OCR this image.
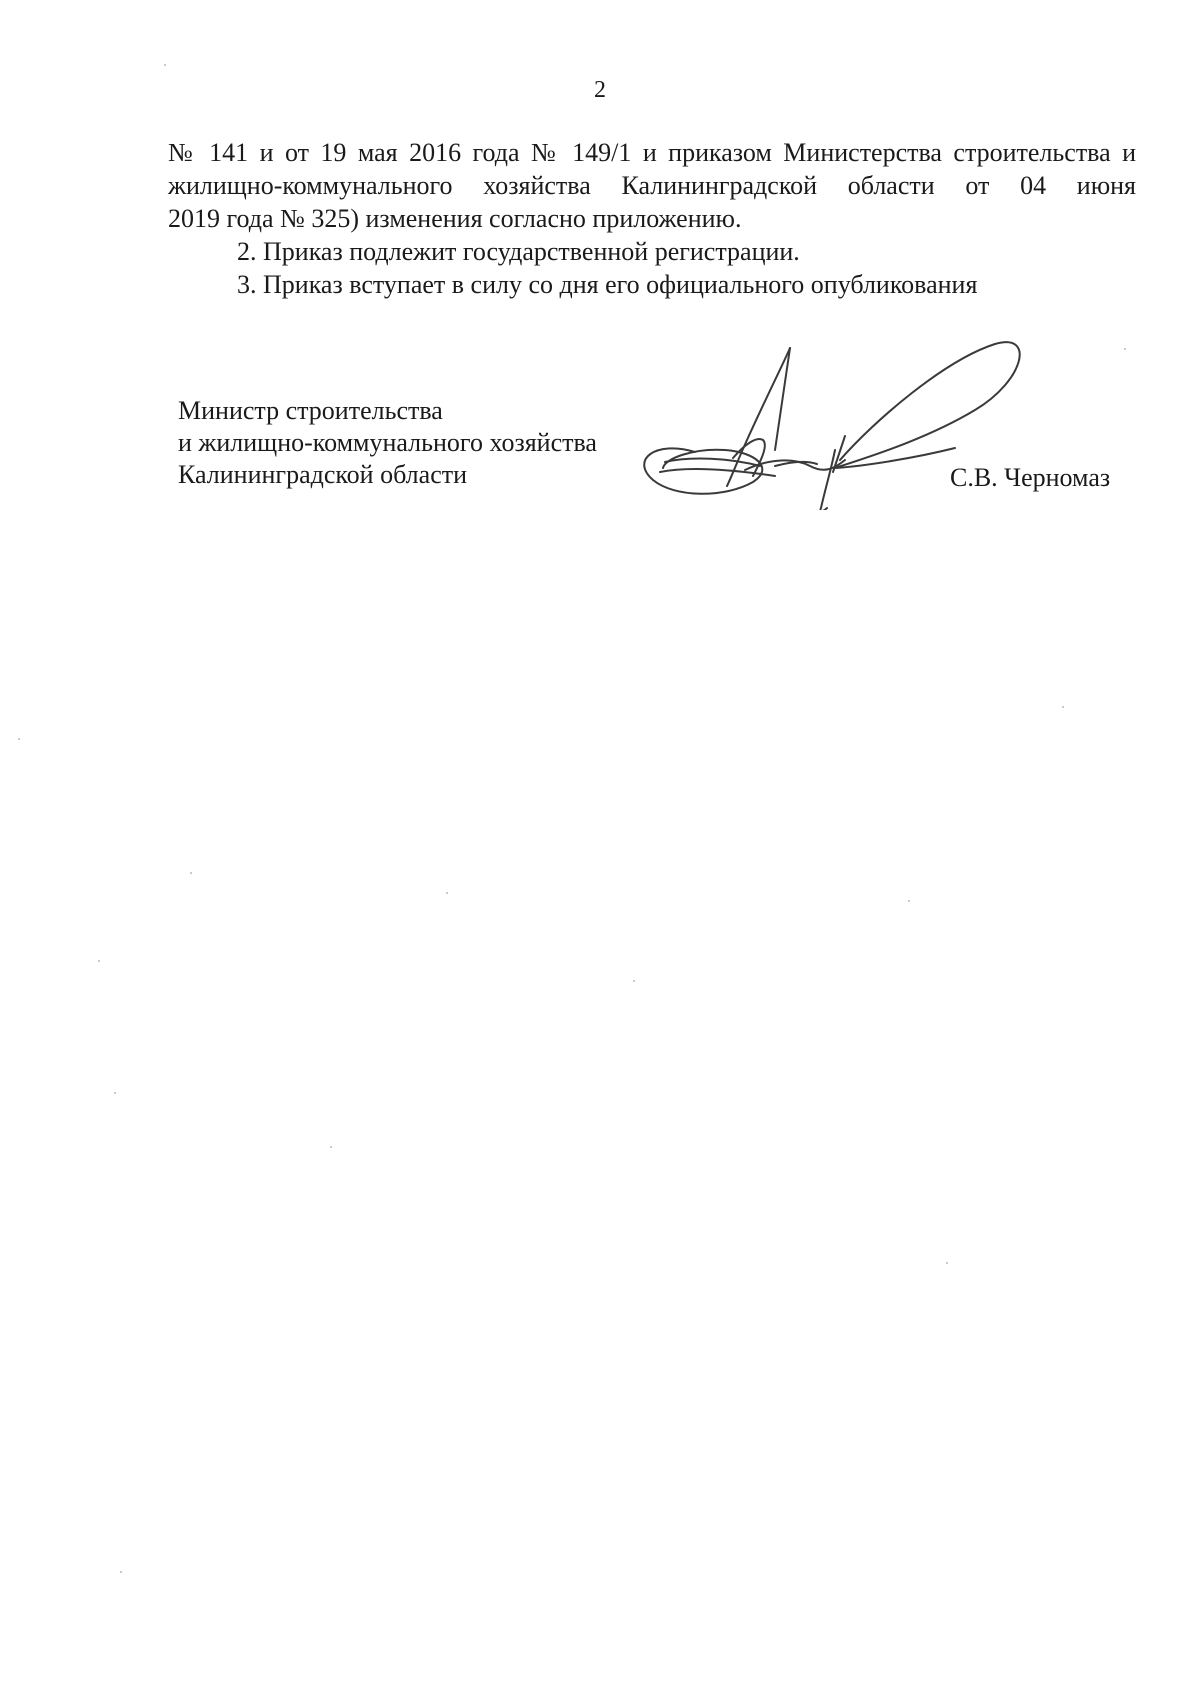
2
№ 141 и от 19 мая 2016 года № 149/1 и приказом Министерства строительства и
жилищно-коммунального хозяйства Калининградской области от 04 июня
2019 года № 325) изменения согласно приложению.
2. Приказ подлежит государственной регистрации.
3. Приказ вступает в силу со дня его официального опубликования
Министр строительства
и жилищно-коммунального хозяйства
Калининградской области	С.В. Черномаз
